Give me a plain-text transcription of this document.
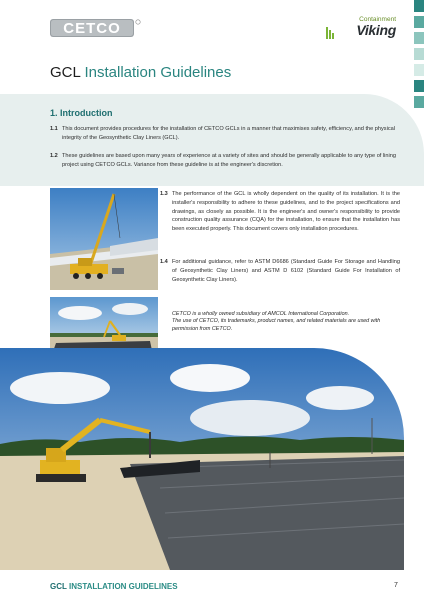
CETCO
Containment
Viking
GCL Installation Guidelines
1. Introduction

1.1 This document provides procedures for the installation of CETCO GCLs in a manner that maximises safety, efficiency, and the physical integrity of the Geosynthetic Clay Liners (GCL).

1.2 These guidelines are based upon many years of experience at a variety of sites and should be generally applicable to any type of lining project using CETCO GCLs. Variance from these guideline is at the engineer's discretion.

1.3 The performance of the GCL is wholly dependent on the quality of its installation. It is the installer's responsibility to adhere to these guidelines, and to the project specifications and drawings, as closely as possible. It is the engineer's and owner's responsibility to provide construction quality assurance (CQA) for the installation, to ensure that the installation has been executed properly. This document covers only installation procedures.

1.4 For additional guidance, refer to ASTM D6686 (Standard Guide For Storage and Handling of Geosynthetic Clay Liners) and ASTM D 6102 (Standard Guide For Installation of Geosynthetic Clay Liners).

CETCO is a wholly owned subsidiary of AMCOL International Corporation.
The use of CETCO, its trademarks, product names, and related materials are used with permission from CETCO.
GCL INSTALLATION GUIDELINES	7
